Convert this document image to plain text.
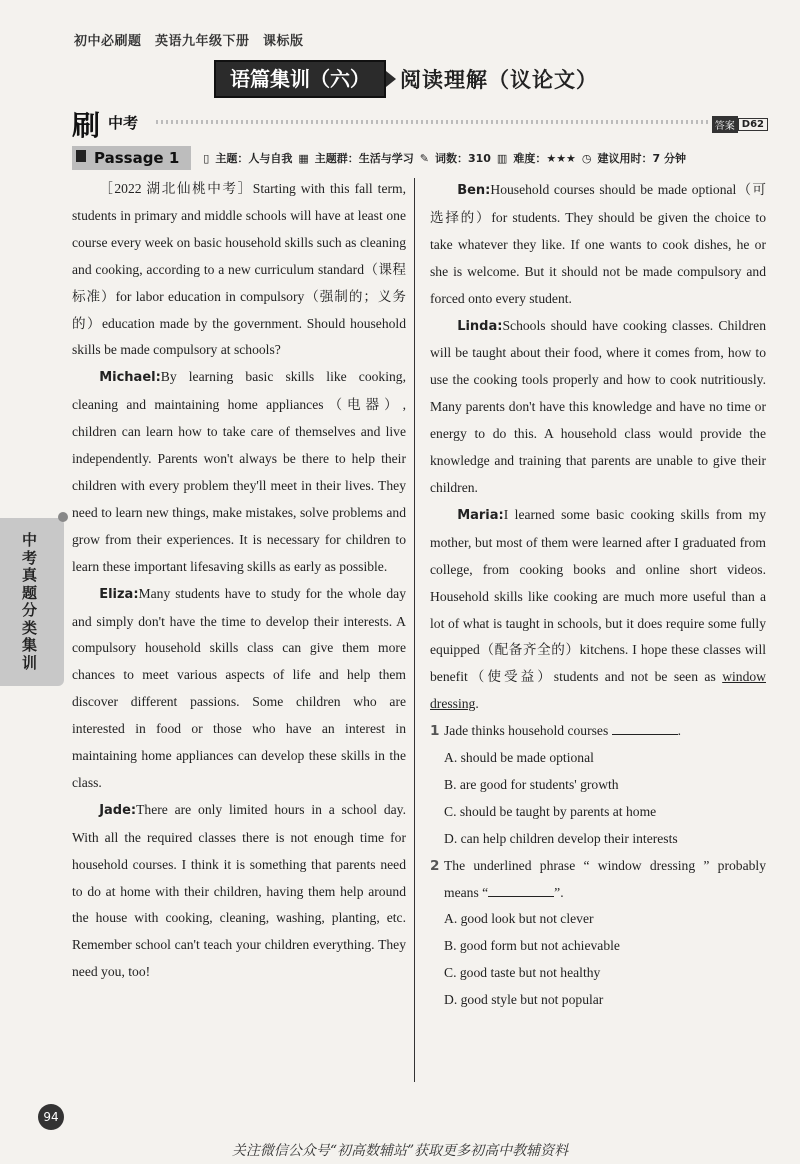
初中必刷题　英语九年级下册　课标版
语篇集训（六）	阅读理解（议论文）
刷 中考	答案 D62
Passage 1	▯ 主题：人与自我 ▦ 主题群：生活与学习 ✎ 词数：310 ▥ 难度：★★★ ◷ 建议用时：7 分钟

［2022 湖北仙桃中考］Starting with this fall term, students in primary and middle schools will have at least one course every week on basic household skills such as cleaning and cooking, according to a new curriculum standard（课程标准）for labor education in compulsory（强制的；义务的）education made by the government. Should household skills be made compulsory at schools?

Michael:By learning basic skills like cooking, cleaning and maintaining home appliances（电器）, children can learn how to take care of themselves and live independently. Parents won't always be there to help their children with every problem they'll meet in their lives. They need to learn new things, make mistakes, solve problems and grow from their experiences. It is necessary for children to learn these important lifesaving skills as early as possible.

Eliza:Many students have to study for the whole day and simply don't have the time to develop their interests. A compulsory household skills class can give them more chances to meet various aspects of life and help them discover different passions. Some children who are interested in food or those who have an interest in maintaining home appliances can develop these skills in the class.

Jade:There are only limited hours in a school day. With all the required classes there is not enough time for household courses. I think it is something that parents need to do at home with their children, having them help around the house with cooking, cleaning, washing, planting, etc. Remember school can't teach your children everything. They need you, too!

Ben:Household courses should be made optional（可选择的）for students. They should be given the choice to take whatever they like. If one wants to cook dishes, he or she is welcome. But it should not be made compulsory and forced onto every student.

Linda:Schools should have cooking classes. Children will be taught about their food, where it comes from, how to use the cooking tools properly and how to cook nutritiously. Many parents don't have this knowledge and have no time or energy to do this. A household class would provide the knowledge and training that parents are unable to give their children.

Maria:I learned some basic cooking skills from my mother, but most of them were learned after I graduated from college, from cooking books and online short videos. Household skills like cooking are much more useful than a lot of what is taught in schools, but it does require some fully equipped（配备齐全的）kitchens. I hope these classes will benefit（使受益）students and not be seen as window dressing.

1 Jade thinks household courses	.
A. should be made optional
B. are good for students' growth
C. should be taught by parents at home
D. can help children develop their interests
2 The underlined phrase “ window dressing ” probably means “	”.
A. good look but not clever
B. good form but not achievable
C. good taste but not healthy
D. good style but not popular
中考真题分类集训
94
关注微信公众号“初高数辅站”获取更多初高中教辅资料
